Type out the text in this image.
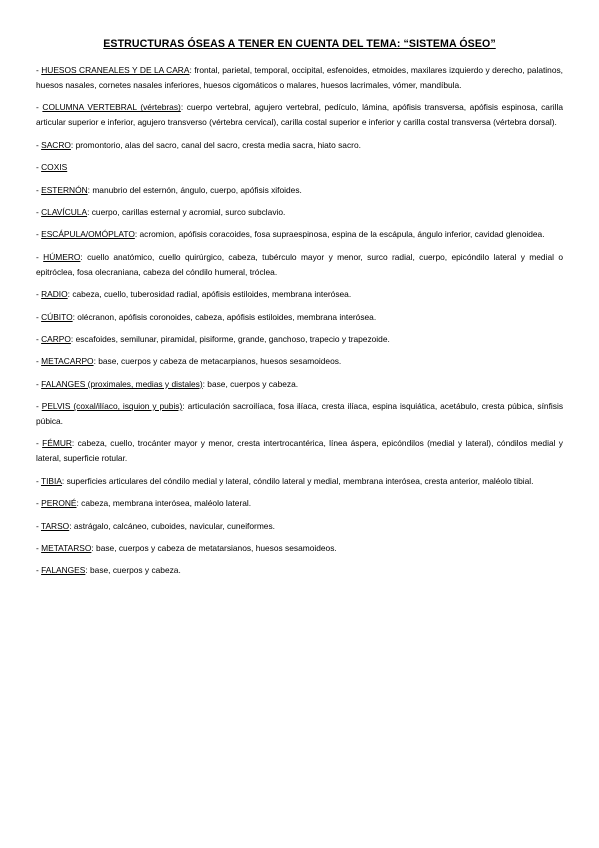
ESTRUCTURAS ÓSEAS A TENER EN CUENTA DEL TEMA: “SISTEMA ÓSEO”

- HUESOS CRANEALES Y DE LA CARA: frontal, parietal, temporal, occipital, esfenoides, etmoides, maxilares izquierdo y derecho, palatinos, huesos nasales, cornetes nasales inferiores, huesos cigomáticos o malares, huesos lacrimales, vómer, mandíbula.

- COLUMNA VERTEBRAL (vértebras): cuerpo vertebral, agujero vertebral, pedículo, lámina, apófisis transversa, apófisis espinosa, carilla articular superior e inferior, agujero transverso (vértebra cervical), carilla costal superior e inferior y carilla costal transversa (vértebra dorsal).

- SACRO: promontorio, alas del sacro, canal del sacro, cresta media sacra, hiato sacro.

- COXIS

- ESTERNÓN: manubrio del esternón, ángulo, cuerpo, apófisis xifoides.

- CLAVÍCULA: cuerpo, carillas esternal y acromial, surco subclavio.

- ESCÁPULA/OMÓPLATO: acromion, apófisis coracoides, fosa supraespinosa, espina de la escápula, ángulo inferior, cavidad glenoidea.

- HÚMERO: cuello anatómico, cuello quirúrgico, cabeza, tubérculo mayor y menor, surco radial, cuerpo, epicóndilo lateral y medial o epitróclea, fosa olecraniana, cabeza del cóndilo humeral, tróclea.

- RADIO: cabeza, cuello, tuberosidad radial, apófisis estiloides, membrana interósea.

- CÚBITO: olécranon, apófisis coronoides, cabeza, apófisis estiloides, membrana interósea.

- CARPO: escafoides, semilunar, piramidal, pisiforme, grande, ganchoso, trapecio y trapezoide.

- METACARPO: base, cuerpos y cabeza de metacarpianos, huesos sesamoideos.

- FALANGES (proximales, medias y distales): base, cuerpos y cabeza.

- PELVIS (coxal/ilíaco, isquion y pubis): articulación sacroilíaca, fosa ilíaca, cresta ilíaca, espina isquiática, acetábulo, cresta púbica, sínfisis púbica.

- FÉMUR: cabeza, cuello, trocánter mayor y menor, cresta intertrocantérica, línea áspera, epicóndilos (medial y lateral), cóndilos medial y lateral, superficie rotular.

- TIBIA: superficies articulares del cóndilo medial y lateral, cóndilo lateral y medial, membrana interósea, cresta anterior, maléolo tibial.

- PERONÉ: cabeza, membrana interósea, maléolo lateral.

- TARSO: astrágalo, calcáneo, cuboides, navicular, cuneiformes.

- METATARSO: base, cuerpos y cabeza de metatarsianos, huesos sesamoideos.

- FALANGES: base, cuerpos y cabeza.
